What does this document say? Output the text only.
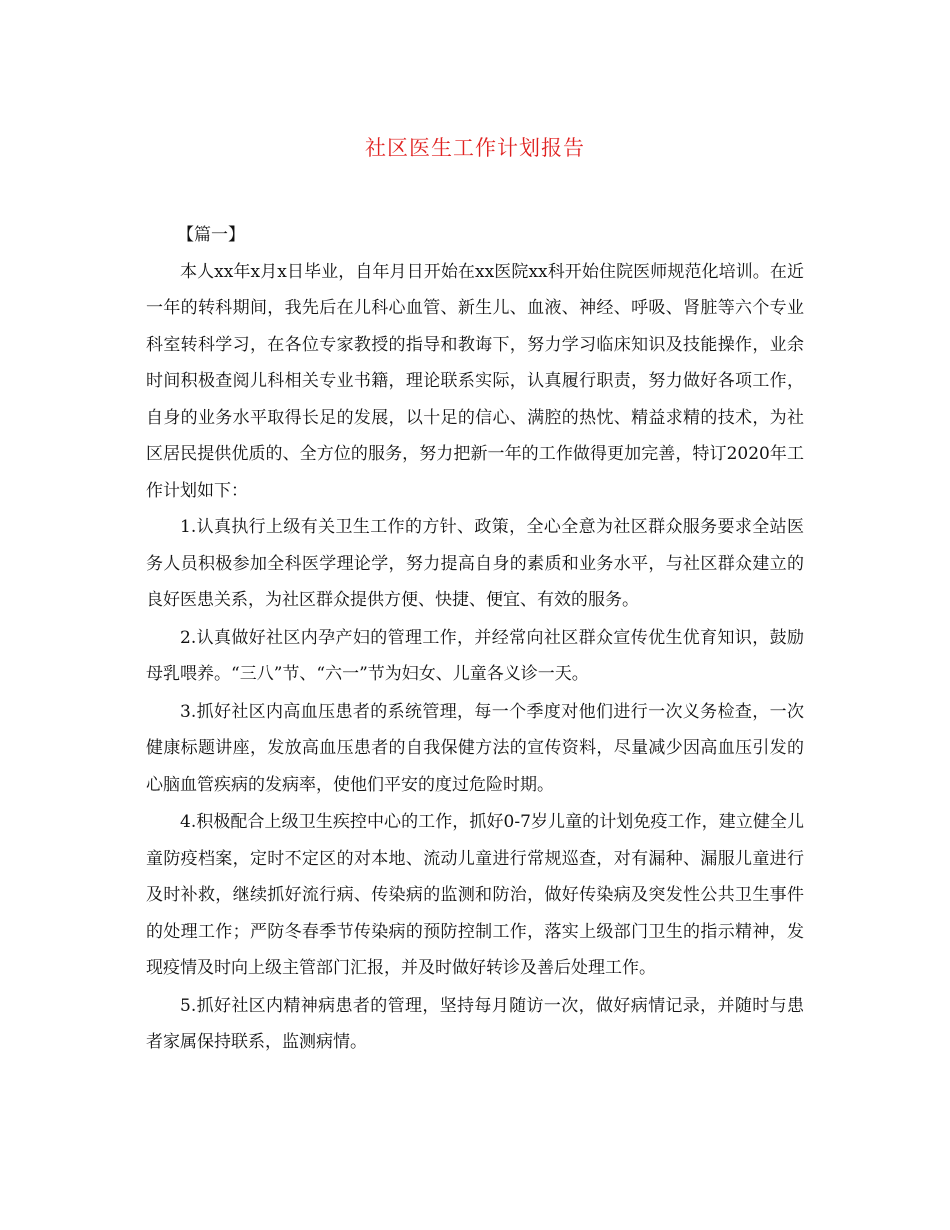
社区医生工作计划报告

【篇一】

本人xx年x月x日毕业，自年月日开始在xx医院xx科开始住院医师规范化培训。在近一年的转科期间，我先后在儿科心血管、新生儿、血液、神经、呼吸、肾脏等六个专业科室转科学习，在各位专家教授的指导和教诲下，努力学习临床知识及技能操作，业余时间积极查阅儿科相关专业书籍，理论联系实际，认真履行职责，努力做好各项工作，自身的业务水平取得长足的发展，以十足的信心、满腔的热忱、精益求精的技术，为社区居民提供优质的、全方位的服务，努力把新一年的工作做得更加完善，特订2020年工作计划如下：

1.认真执行上级有关卫生工作的方针、政策，全心全意为社区群众服务要求全站医务人员积极参加全科医学理论学，努力提高自身的素质和业务水平，与社区群众建立的良好医患关系，为社区群众提供方便、快捷、便宜、有效的服务。

2.认真做好社区内孕产妇的管理工作，并经常向社区群众宣传优生优育知识，鼓励母乳喂养。“三八”节、“六一”节为妇女、儿童各义诊一天。

3.抓好社区内高血压患者的系统管理，每一个季度对他们进行一次义务检查，一次健康标题讲座，发放高血压患者的自我保健方法的宣传资料，尽量减少因高血压引发的心脑血管疾病的发病率，使他们平安的度过危险时期。

4.积极配合上级卫生疾控中心的工作，抓好0-7岁儿童的计划免疫工作，建立健全儿童防疫档案，定时不定区的对本地、流动儿童进行常规巡查，对有漏种、漏服儿童进行及时补救，继续抓好流行病、传染病的监测和防治，做好传染病及突发性公共卫生事件的处理工作；严防冬春季节传染病的预防控制工作，落实上级部门卫生的指示精神，发现疫情及时向上级主管部门汇报，并及时做好转诊及善后处理工作。

5.抓好社区内精神病患者的管理，坚持每月随访一次，做好病情记录，并随时与患者家属保持联系，监测病情。
